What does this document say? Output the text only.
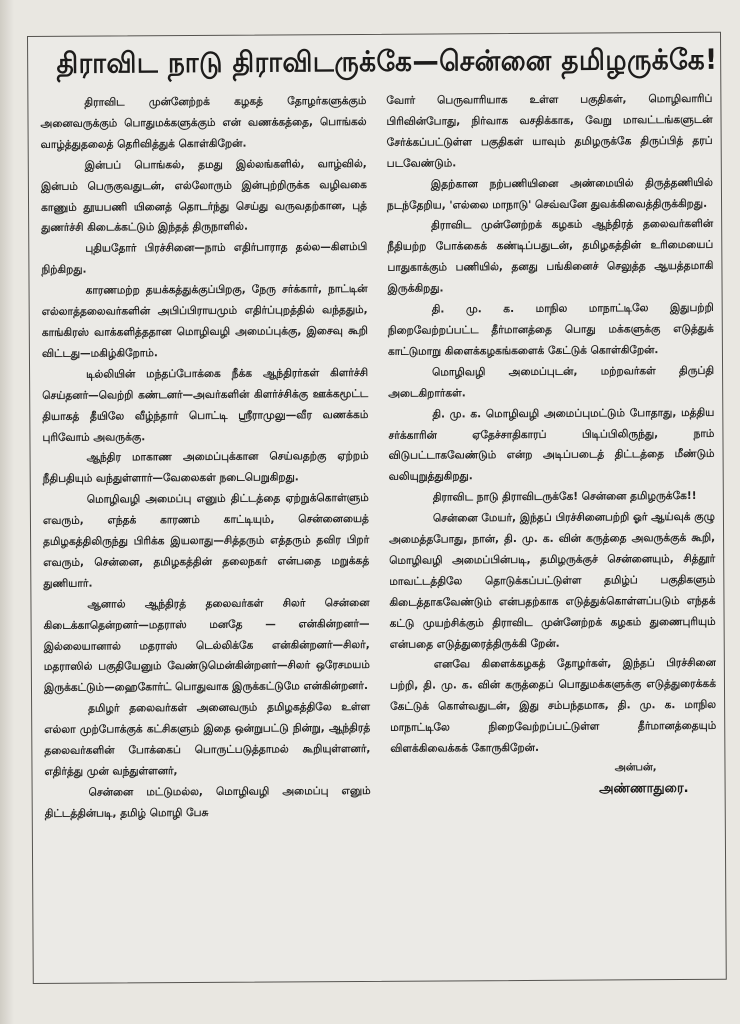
திராவிட நாடு திராவிடருக்கே—சென்னை தமிழருக்கே!

திராவிட முன்னேற்றக் கழகத் தோழர்களுக்கும் அனைவருக்கும் பொதுமக்களுக்கும் என் வணக்கத்தை, பொங்கல் வாழ்த்துதலைத் தெரிவித்துக் கொள்கிறேன்.

இன்பப் பொங்கல், தமது இல்லங்களில், வாழ்வில், இன்பம் பெருகுவதுடன், எல்லோரும் இன்புற்றிருக்க வழிவகை காணும் தூயபணி யினைத் தொடர்ந்து செய்து வருவதற்கான, புத் துணர்ச்சி கிடைக்கட்டும் இந்தத் திருநாளில்.

புதியதோர் பிரச்சினை—நாம் எதிர்பாராத தல்ல—கிளம்பி நிற்கிறது.

காரணமற்ற தயக்கத்துக்குப்பிறகு, நேரு சர்க்கார், நாட்டின் எல்லாத்தலைவர்களின் அபிப்பிராயமும் எதிர்ப்புறத்தில் வந்ததும், காங்கிரஸ் வாக்களித்ததான மொழிவழி அமைப்புக்கு, இசைவு கூறி விட்டது—மகிழ்கிறோம்.

டில்லியின் மந்தப்போக்கை நீக்க ஆந்திரர்கள் கிளர்ச்சி செய்தனர்—வெற்றி கண்டனர்—அவர்களின் கிளர்ச்சிக்கு ஊக்கமூட்ட தியாகத் தீயிலே வீழ்ந்தார் பொட்டி ஸ்ரீராமுலு—வீர வணக்கம் புரிவோம் அவருக்கு.

ஆந்திர மாகாண அமைப்புக்கான செய்வதற்கு ஏற்றம் நீதிபதியும் வந்துள்ளார்—வேலைகள் நடைபெறுகிறது.

மொழிவழி அமைப்பு எனும் திட்டத்தை ஏற்றுக்கொள்ளும் எவரும், எந்தக் காரணம் காட்டியும், சென்னையைத் தமிழகத்திலிருந்து பிரிக்க இயலாது—சித்தரும் எத்தரும் தவிர பிறர் எவரும், சென்னை, தமிழகத்தின் தலைநகர் என்பதை மறுக்கத் துணியார்.

ஆனால் ஆந்திரத் தலைவர்கள் சிலர் சென்னை கிடைக்காதென்றனர்—மதராஸ் மனதே — என்கின்றனர்—இல்லையானால் மதராஸ் டெல்லிக்கே என்கின்றனர்—சிலர், மதராஸில் பகுதியேனும் வேண்டுமென்கின்றனர்—சிலர் ஒரேசமயம் இருக்கட்டும்—ஹைகோர்ட் பொதுவாக இருக்கட்டுமே என்கின்றனர்.

தமிழர் தலைவர்கள் அனைவரும் தமிழகத்திலே உள்ள எல்லா முற்போக்குக் கட்சிகளும் இதை ஒன்றுபட்டு நின்று, ஆந்திரத் தலைவர்களின் போக்கைப் பொருட்படுத்தாமல் கூறியுள்ளனர், எதிர்த்து முன் வந்துள்ளனர்,

சென்னை மட்டுமல்ல, மொழிவழி அமைப்பு எனும் திட்டத்தின்படி, தமிழ் மொழி பேசு

வோர் பெருவாரியாக உள்ள பகுதிகள், மொழிவாரிப் பிரிவின்போது, நிர்வாக வசதிக்காக, வேறு மாவட்டங்களுடன் சேர்க்கப்பட்டுள்ள பகுதிகள் யாவும் தமிழருக்கே திருப்பித் தரப் படவேண்டும்.

இதற்கான நற்பணியினை அண்மையில் திருத்தணியில் நடந்தேறிய, 'எல்லை மாநாடு' செவ்வனே துவக்கிவைத்திருக்கிறது.

திராவிட முன்னேற்றக் கழகம் ஆந்திரத் தலைவர்களின் நீதியற்ற போக்கைக் கண்டிப்பதுடன், தமிழகத்தின் உரிமையைப் பாதுகாக்கும் பணியில், தனது பங்கினைச் செலுத்த ஆயத்தமாகி இருக்கிறது.

தி. மு. க. மாநில மாநாட்டிலே இதுபற்றி நிறைவேற்றப்பட்ட தீர்மானத்தை பொது மக்களுக்கு எடுத்துக் காட்டுமாறு கிளைக்கழகங்களைக் கேட்டுக் கொள்கிறேன்.

மொழிவழி அமைப்புடன், மற்றவர்கள் திருப்தி அடைகிறார்கள்.

தி. மு. க. மொழிவழி அமைப்புமட்டும் போதாது, மத்திய சர்க்காரின் ஏதேச்சாதிகாரப் பிடிப்பிலிருந்து, நாம் விடுபட்டாகவேண்டும் என்ற அடிப்படைத் திட்டத்தை மீண்டும் வலியுறுத்துகிறது.

திராவிட நாடு திராவிடருக்கே! சென்னை தமிழருக்கே!!

சென்னை மேயர், இந்தப் பிரச்சினைபற்றி ஓர் ஆய்வுக் குழு அமைத்தபோது, நான், தி. மு. க. வின் கருத்தை அவருக்குக் கூறி, மொழிவழி அமைப்பின்படி, தமிழருக்குச் சென்னையும், சித்தூர் மாவட்டத்திலே தொடுக்கப்பட்டுள்ள தமிழ்ப் பகுதிகளும் கிடைத்தாகவேண்டும் என்பதற்காக எடுத்துக்கொள்ளப்படும் எந்தக் கட்டு முயற்சிக்கும் திராவிட முன்னேற்றக் கழகம் துணைபுரியும் என்பதை எடுத்துரைத்திருக்கி றேன்.

எனவே கிளைக்கழகத் தோழர்கள், இந்தப் பிரச்சினை பற்றி, தி. மு. க. வின் கருத்தைப் பொதுமக்களுக்கு எடுத்துரைக்கக் கேட்டுக் கொள்வதுடன், இது சம்பந்தமாக, தி. மு. க. மாநில மாநாட்டிலே நிறைவேற்றப்பட்டுள்ள தீர்மானத்தையும் விளக்கிவைக்கக் கோருகிறேன்.

அன்பன்,
அண்ணாதுரை.
